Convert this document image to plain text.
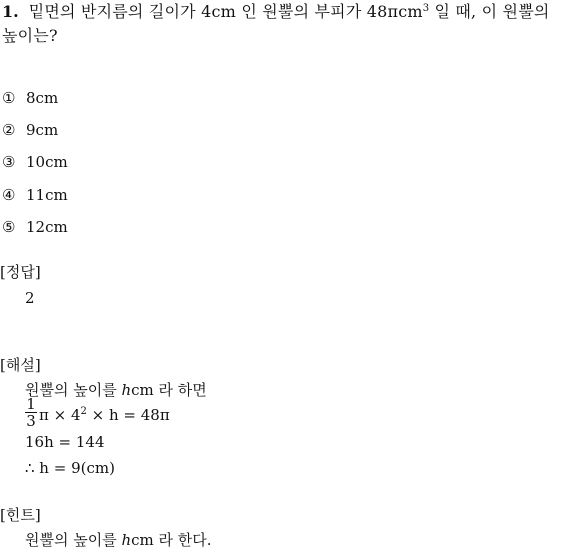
1. 밑면의 반지름의 길이가 4cm 인 원뿔의 부피가 48πcm$^3$ 일 때, 이 원뿔의
높이는?
① 8cm
② 9cm
③ 10cm
④ 11cm
⑤ 12cm
[정답]
2
[해설]
원뿔의 높이를 hcm 라 하면
1
3 $\pi \times 4^2 \times h = 48\pi$
16h = 144
∴ h = 9(cm)
[힌트]
원뿔의 높이를 hcm 라 한다.
